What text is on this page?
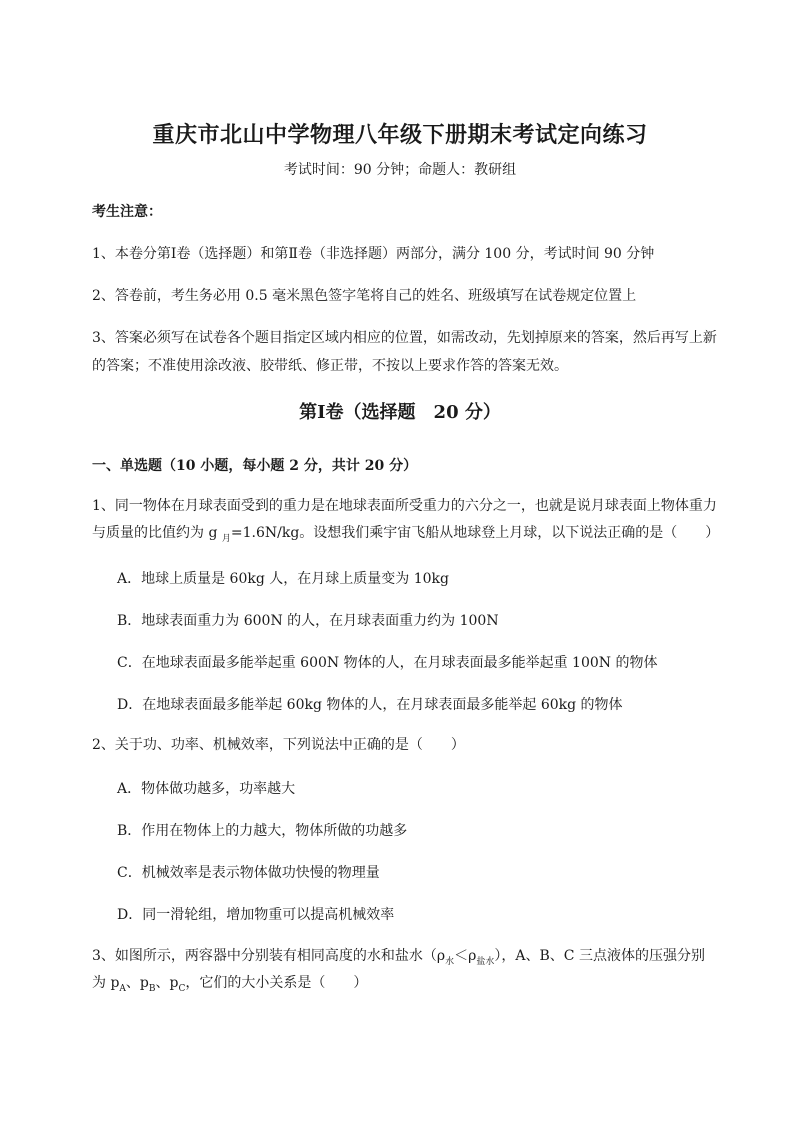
重庆市北山中学物理八年级下册期末考试定向练习
考试时间：90 分钟；命题人：教研组
考生注意：
1、本卷分第Ⅰ卷（选择题）和第Ⅱ卷（非选择题）两部分，满分 100 分，考试时间 90 分钟
2、答卷前，考生务必用 0.5 毫米黑色签字笔将自己的姓名、班级填写在试卷规定位置上
3、答案必须写在试卷各个题目指定区域内相应的位置，如需改动，先划掉原来的答案，然后再写上新的答案；不准使用涂改液、胶带纸、修正带，不按以上要求作答的答案无效。
第Ⅰ卷（选择题　20 分）
一、单选题（10 小题，每小题 2 分，共计 20 分）
1、同一物体在月球表面受到的重力是在地球表面所受重力的六分之一，也就是说月球表面上物体重力
与质量的比值约为 g $_月$=1.6N/kg。设想我们乘宇宙飞船从地球登上月球，以下说法正确的是（　　）
A．地球上质量是 60kg 人，在月球上质量变为 10kg
B．地球表面重力为 600N 的人，在月球表面重力约为 100N
C．在地球表面最多能举起重 600N 物体的人，在月球表面最多能举起重 100N 的物体
D．在地球表面最多能举起 60kg 物体的人，在月球表面最多能举起 60kg 的物体
2、关于功、功率、机械效率，下列说法中正确的是（　　）
A．物体做功越多，功率越大
B．作用在物体上的力越大，物体所做的功越多
C．机械效率是表示物体做功快慢的物理量
D．同一滑轮组，增加物重可以提高机械效率
3、如图所示，两容器中分别装有相同高度的水和盐水$(\rho_水<\rho_{盐水})$，A、B、C 三点液体的压强分别
为 $p_A$、$p_B$、$p_C$，它们的大小关系是（　　）
